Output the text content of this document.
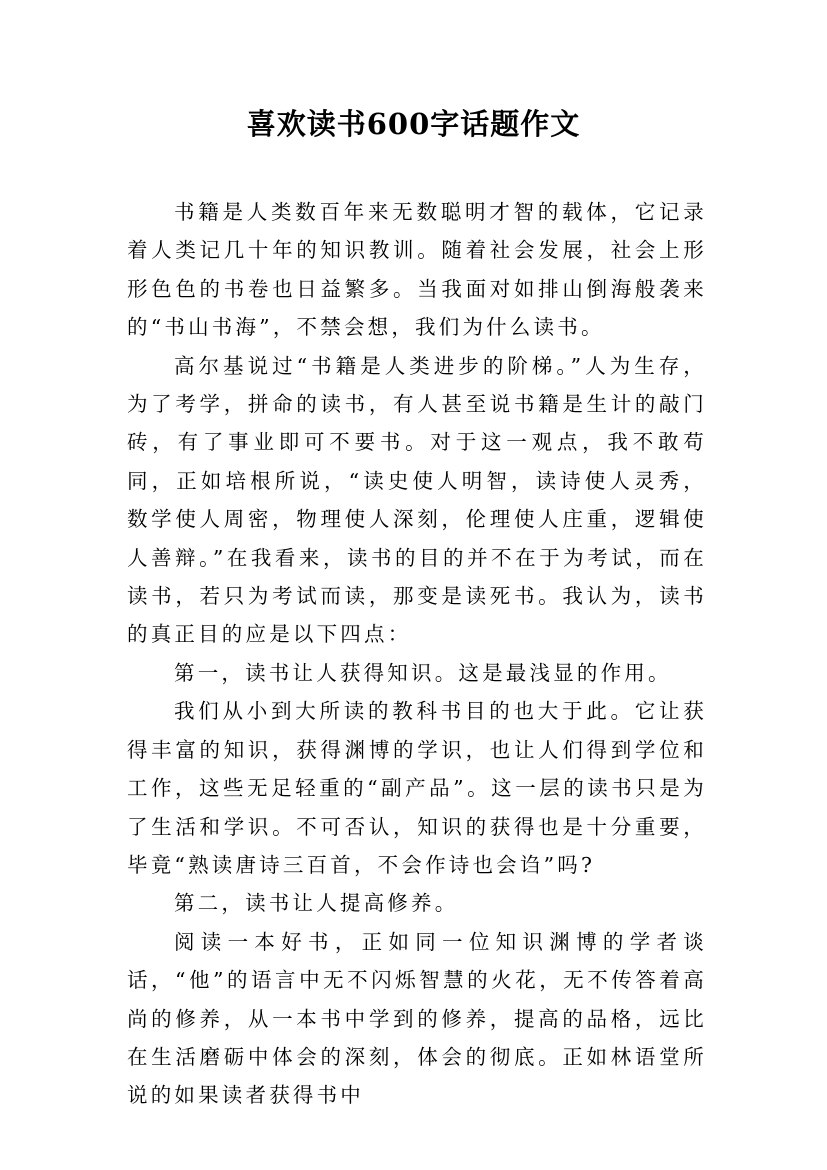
喜欢读书600字话题作文

书籍是人类数百年来无数聪明才智的载体，它记录着人类记几十年的知识教训。随着社会发展，社会上形形色色的书卷也日益繁多。当我面对如排山倒海般袭来的“书山书海”，不禁会想，我们为什么读书。

高尔基说过“书籍是人类进步的阶梯。”人为生存，为了考学，拼命的读书，有人甚至说书籍是生计的敲门砖，有了事业即可不要书。对于这一观点，我不敢苟同，正如培根所说，“读史使人明智，读诗使人灵秀，数学使人周密，物理使人深刻，伦理使人庄重，逻辑使人善辩。”在我看来，读书的目的并不在于为考试，而在读书，若只为考试而读，那变是读死书。我认为，读书的真正目的应是以下四点：

第一，读书让人获得知识。这是最浅显的作用。

我们从小到大所读的教科书目的也大于此。它让获得丰富的知识，获得渊博的学识，也让人们得到学位和工作，这些无足轻重的“副产品”。这一层的读书只是为了生活和学识。不可否认，知识的获得也是十分重要，毕竟“熟读唐诗三百首，不会作诗也会诌”吗?

第二，读书让人提高修养。

阅读一本好书，正如同一位知识渊博的学者谈话，“他”的语言中无不闪烁智慧的火花，无不传答着高尚的修养，从一本书中学到的修养，提高的品格，远比在生活磨砺中体会的深刻，体会的彻底。正如林语堂所说的如果读者获得书中
